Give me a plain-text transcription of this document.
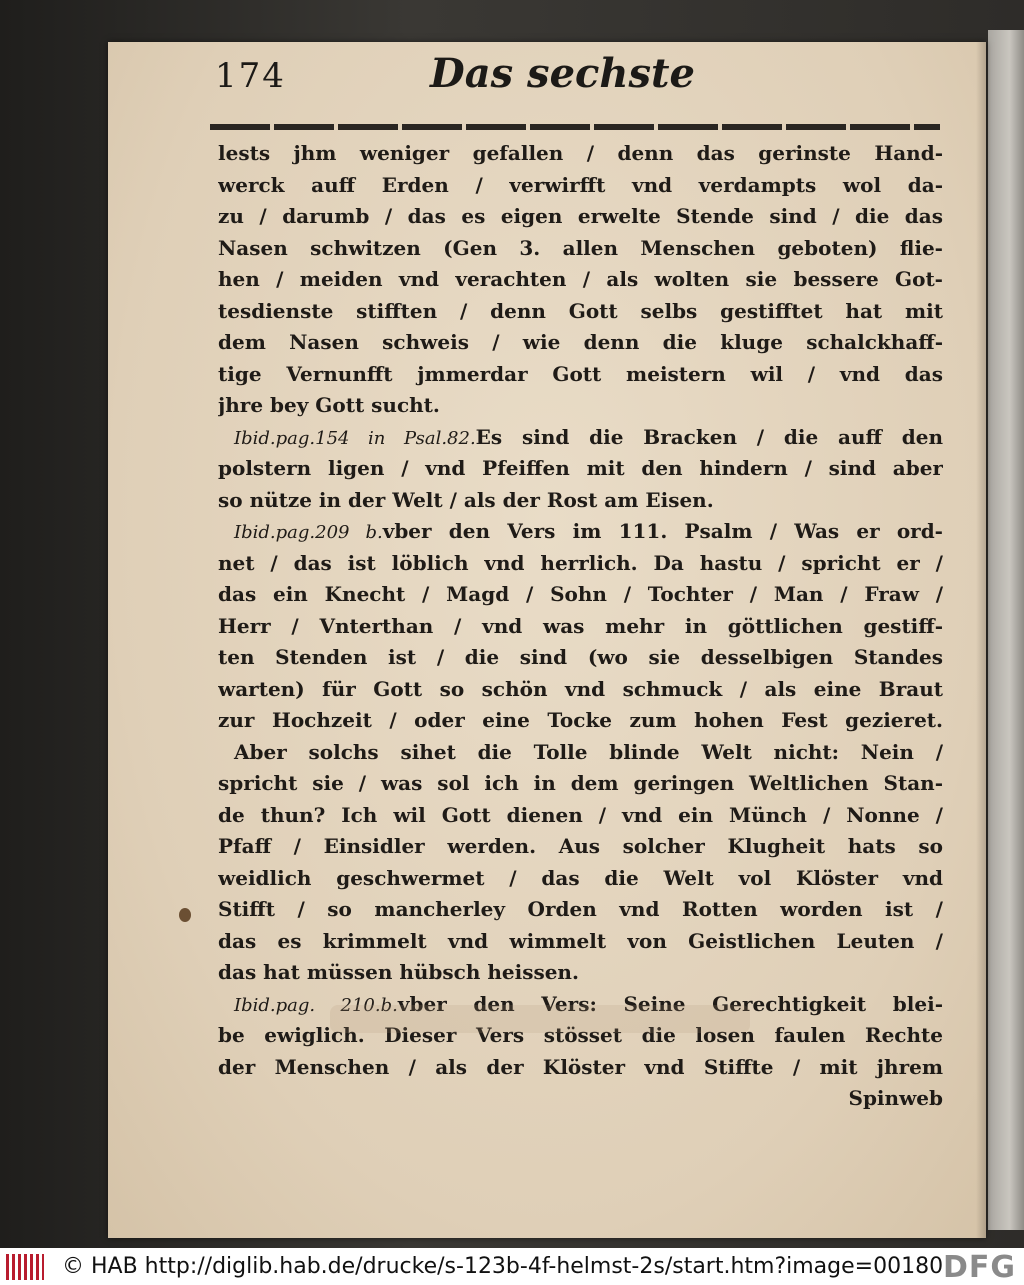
174	Das sechste
lests jhm weniger gefallen / denn das gerinste Hand-
werck auff Erden / verwirfft vnd verdampts wol da-
zu / darumb / das es eigen erwelte Stende sind / die das
Nasen schwitzen (Gen 3. allen Menschen geboten) flie-
hen / meiden vnd verachten / als wolten sie bessere Got-
tesdienste stifften / denn Gott selbs gestifftet hat mit
dem Nasen schweis / wie denn die kluge schalckhaff-
tige Vernunfft jmmerdar Gott meistern wil / vnd das
jhre bey Gott sucht.
Ibid.pag.154 in Psal.82.Es sind die Bracken / die auff den
polstern ligen / vnd Pfeiffen mit den hindern / sind aber
so nütze in der Welt / als der Rost am Eisen.
Ibid.pag.209 b.vber den Vers im 111. Psalm / Was er ord-
net / das ist löblich vnd herrlich. Da hastu / spricht er /
das ein Knecht / Magd / Sohn / Tochter / Man / Fraw /
Herr / Vnterthan / vnd was mehr in göttlichen gestiff-
ten Stenden ist / die sind (wo sie desselbigen Standes
warten) für Gott so schön vnd schmuck / als eine Braut
zur Hochzeit / oder eine Tocke zum hohen Fest gezieret.
Aber solchs sihet die Tolle blinde Welt nicht: Nein /
spricht sie / was sol ich in dem geringen Weltlichen Stan-
de thun? Ich wil Gott dienen / vnd ein Münch / Nonne /
Pfaff / Einsidler werden. Aus solcher Klugheit hats so
weidlich geschwermet / das die Welt vol Klöster vnd
Stifft / so mancherley Orden vnd Rotten worden ist /
das es krimmelt vnd wimmelt von Geistlichen Leuten /
das hat müssen hübsch heissen.
Ibid.pag. 210.b.vber den Vers: Seine Gerechtigkeit blei-
be ewiglich. Dieser Vers stösset die losen faulen Rechte
der Menschen / als der Klöster vnd Stiffte / mit jhrem
Spinweb
© HAB http://diglib.hab.de/drucke/s-123b-4f-helmst-2s/start.htm?image=00180 DFG
